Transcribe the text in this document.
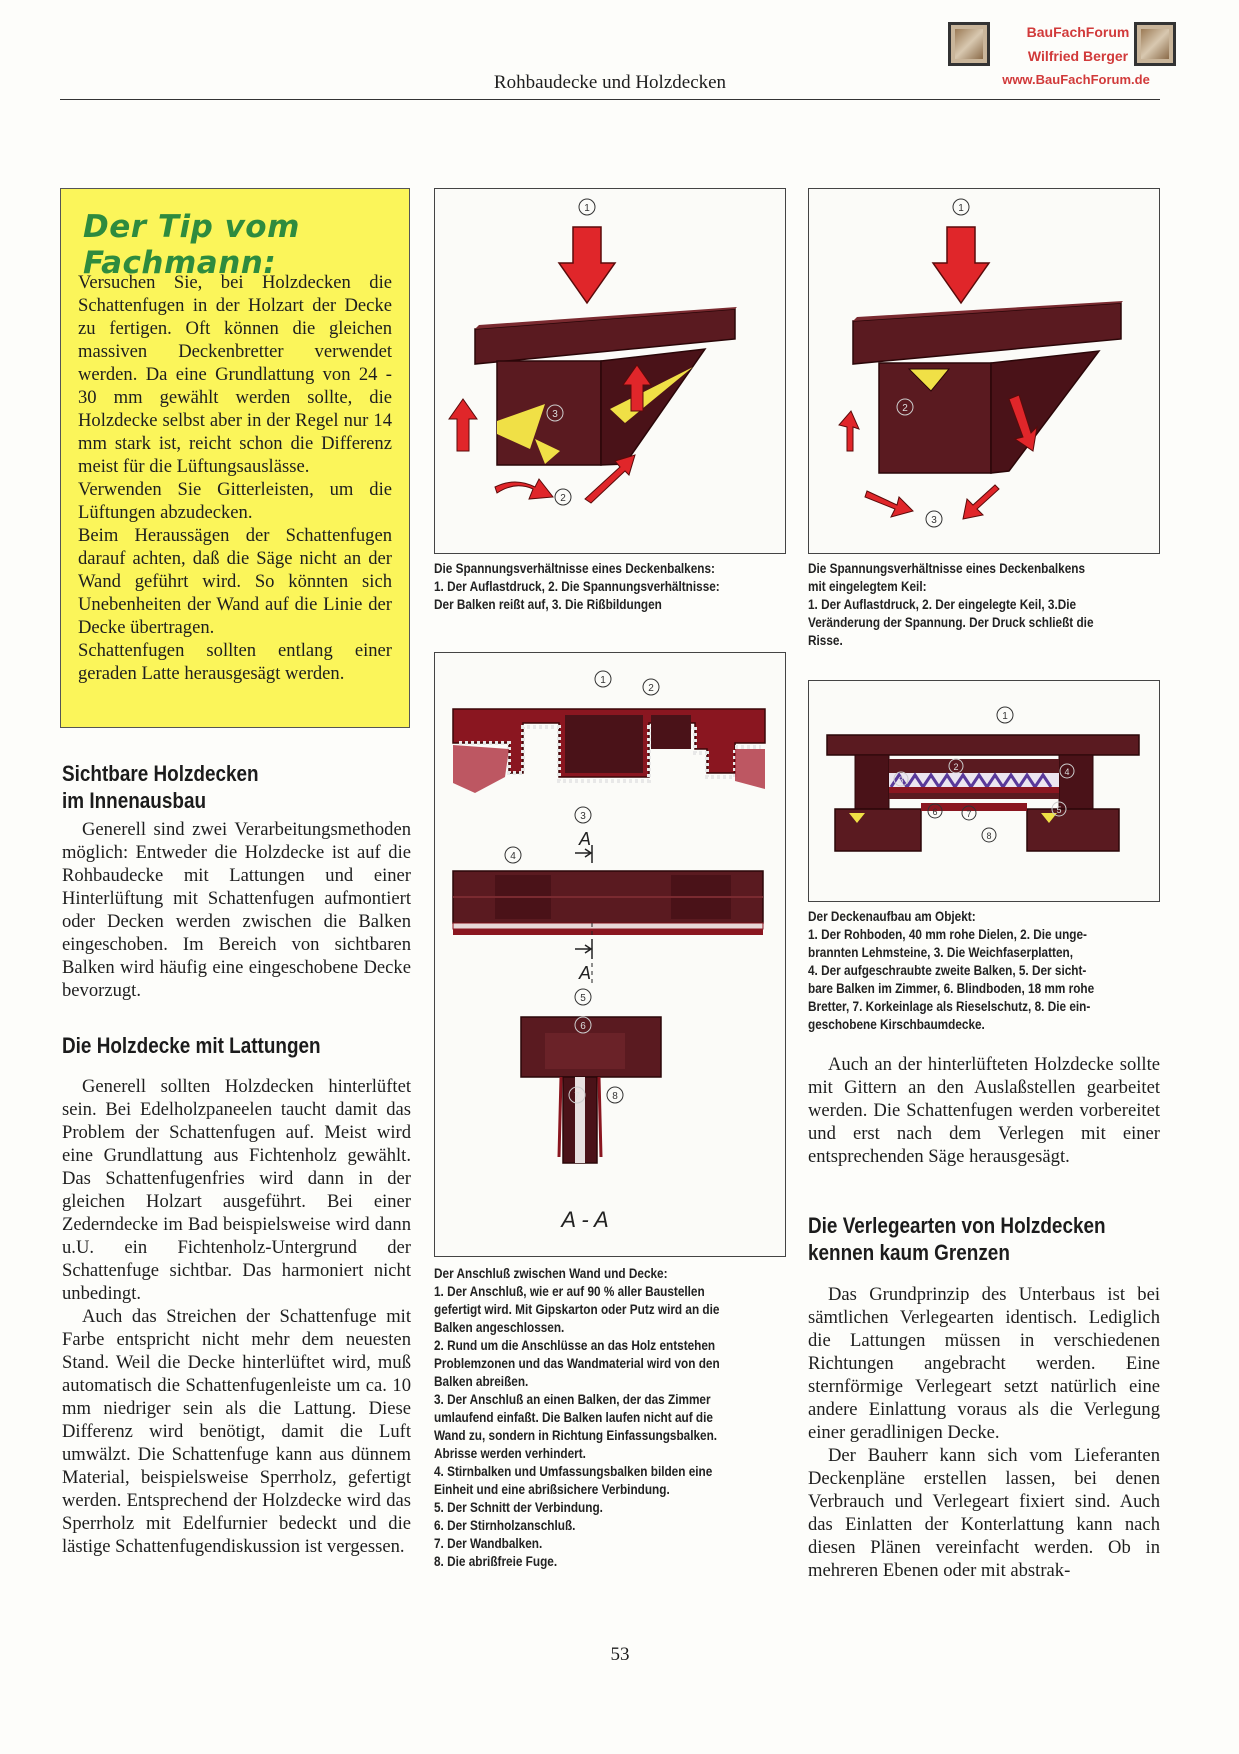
Rohbaudecke und Holzdecken
BauFachForum
Wilfried Berger
www.BauFachForum.de
Der Tip vom Fachmann:

Versuchen Sie, bei Holzdecken die Schattenfugen in der Holzart der Decke zu fertigen. Oft können die gleichen massiven Deckenbretter verwendet werden. Da eine Grundlattung von 24 - 30 mm gewählt werden sollte, die Holzdecke selbst aber in der Regel nur 14 mm stark ist, reicht schon die Differenz meist für die Lüftungsauslässe.

Verwenden Sie Gitterleisten, um die Lüftungen abzudecken.

Beim Heraussägen der Schattenfugen darauf achten, daß die Säge nicht an der Wand geführt wird. So könnten sich Unebenheiten der Wand auf die Linie der Decke übertragen.

Schattenfugen sollten entlang einer geraden Latte herausgesägt werden.

Sichtbare Holzdecken
im Innenausbau

Generell sind zwei Verarbeitungsmethoden möglich: Entweder die Holzdecke ist auf die Rohbaudecke mit Lattungen und einer Hinterlüftung mit Schattenfugen aufmontiert oder Decken werden zwischen die Balken eingeschoben. Im Bereich von sichtbaren Balken wird häufig eine eingeschobene Decke bevorzugt.

Die Holzdecke mit Lattungen

Generell sollten Holzdecken hinterlüftet sein. Bei Edelholzpaneelen taucht damit das Problem der Schattenfugen auf. Meist wird eine Grundlattung aus Fichtenholz gewählt. Das Schattenfugenfries wird dann in der gleichen Holzart ausgeführt. Bei einer Zederndecke im Bad beispielsweise wird dann u.U. ein Fichtenholz-Untergrund der Schattenfuge sichtbar. Das harmoniert nicht unbedingt.

Auch das Streichen der Schattenfuge mit Farbe entspricht nicht mehr dem neuesten Stand. Weil die Decke hinterlüftet wird, muß automatisch die Schattenfugenleiste um ca. 10 mm niedriger sein als die Lattung. Diese Differenz wird benötigt, damit die Luft umwälzt. Die Schattenfuge kann aus dünnem Material, beispielsweise Sperrholz, gefertigt werden. Entsprechend der Holzdecke wird das Sperrholz mit Edelfurnier bedeckt und die lästige Schattenfugendiskussion ist vergessen.

1
3
2
Die Spannungsverhältnisse eines Deckenbalkens:
1. Der Auflastdruck, 2. Die Spannungsverhältnisse:
Der Balken reißt auf, 3. Die Rißbildungen
1
2
3
Die Spannungsverhältnisse eines Deckenbalkens
mit eingelegtem Keil:
1. Der Auflastdruck, 2. Der eingelegte Keil, 3.Die
Veränderung der Spannung. Der Druck schließt die
Risse.
1
2
3
A
4
A
5
6
8
7
A - A
Der Anschluß zwischen Wand und Decke:
1. Der Anschluß, wie er auf 90 % aller Baustellen
gefertigt wird. Mit Gipskarton oder Putz wird an die
Balken angeschlossen.
2. Rund um die Anschlüsse an das Holz entstehen
Problemzonen und das Wandmaterial wird von den
Balken abreißen.
3. Der Anschluß an einen Balken, der das Zimmer
umlaufend einfaßt. Die Balken laufen nicht auf die
Wand zu, sondern in Richtung Einfassungsbalken.
Abrisse werden verhindert.
4. Stirnbalken und Umfassungsbalken bilden eine
Einheit und eine abrißsichere Verbindung.
5. Der Schnitt der Verbindung.
6. Der Stirnholzanschluß.
7. Der Wandbalken.
8. Die abrißfreie Fuge.
1
2	4
3
6	7	5
8
Der Deckenaufbau am Objekt:
1. Der Rohboden, 40 mm rohe Dielen, 2. Die unge-
brannten Lehmsteine, 3. Die Weichfaserplatten,
4. Der aufgeschraubte zweite Balken, 5. Der sicht-
bare Balken im Zimmer, 6. Blindboden, 18 mm rohe
Bretter, 7. Korkeinlage als Rieselschutz, 8. Die ein-
geschobene Kirschbaumdecke.

Auch an der hinterlüfteten Holzdecke sollte mit Gittern an den Auslaßstellen gearbeitet werden. Die Schattenfugen werden vorbereitet und erst nach dem Verlegen mit einer entsprechenden Säge herausgesägt.

Die Verlegearten von Holzdecken
kennen kaum Grenzen

Das Grundprinzip des Unterbaus ist bei sämtlichen Verlegearten identisch. Lediglich die Lattungen müssen in verschiedenen Richtungen angebracht werden. Eine sternförmige Verlegeart setzt natürlich eine andere Einlattung voraus als die Verlegung einer geradlinigen Decke.

Der Bauherr kann sich vom Lieferanten Deckenpläne erstellen lassen, bei denen Verbrauch und Verlegeart fixiert sind. Auch das Einlatten der Konterlattung kann nach diesen Plänen vereinfacht werden. Ob in mehreren Ebenen oder mit abstrak-

53
